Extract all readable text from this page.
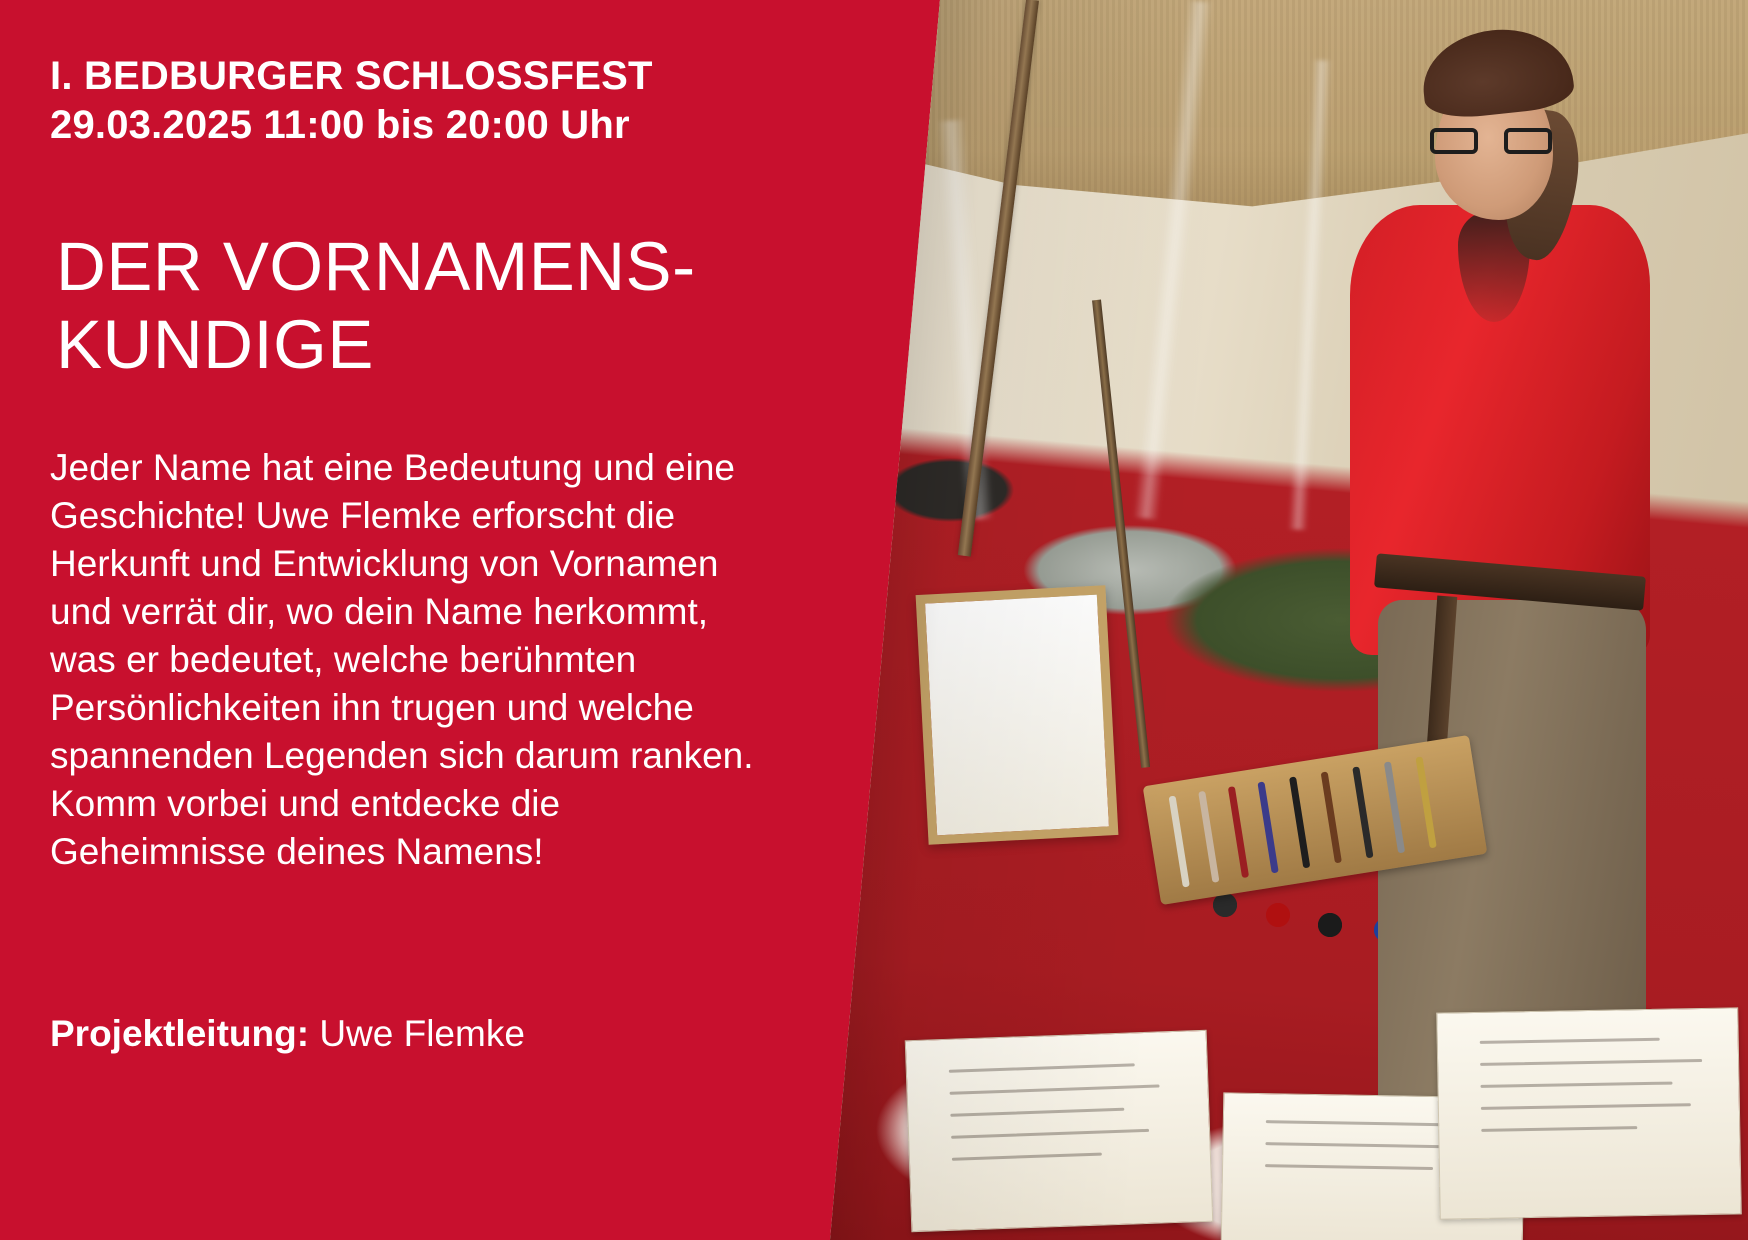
I. BEDBURGER SCHLOSSFEST

29.03.2025 11:00 bis 20:00 Uhr

DER VORNAMENS-
KUNDIGE

Jeder Name hat eine Bedeutung und eine Geschichte! Uwe Flemke erforscht die Herkunft und Entwicklung von Vornamen und verrät dir, wo dein Name herkommt, was er bedeutet, welche berühmten Persönlichkeiten ihn trugen und welche spannenden Legenden sich darum ranken. Komm vorbei und entdecke die Geheimnisse deines Namens!

Projektleitung: Uwe Flemke
